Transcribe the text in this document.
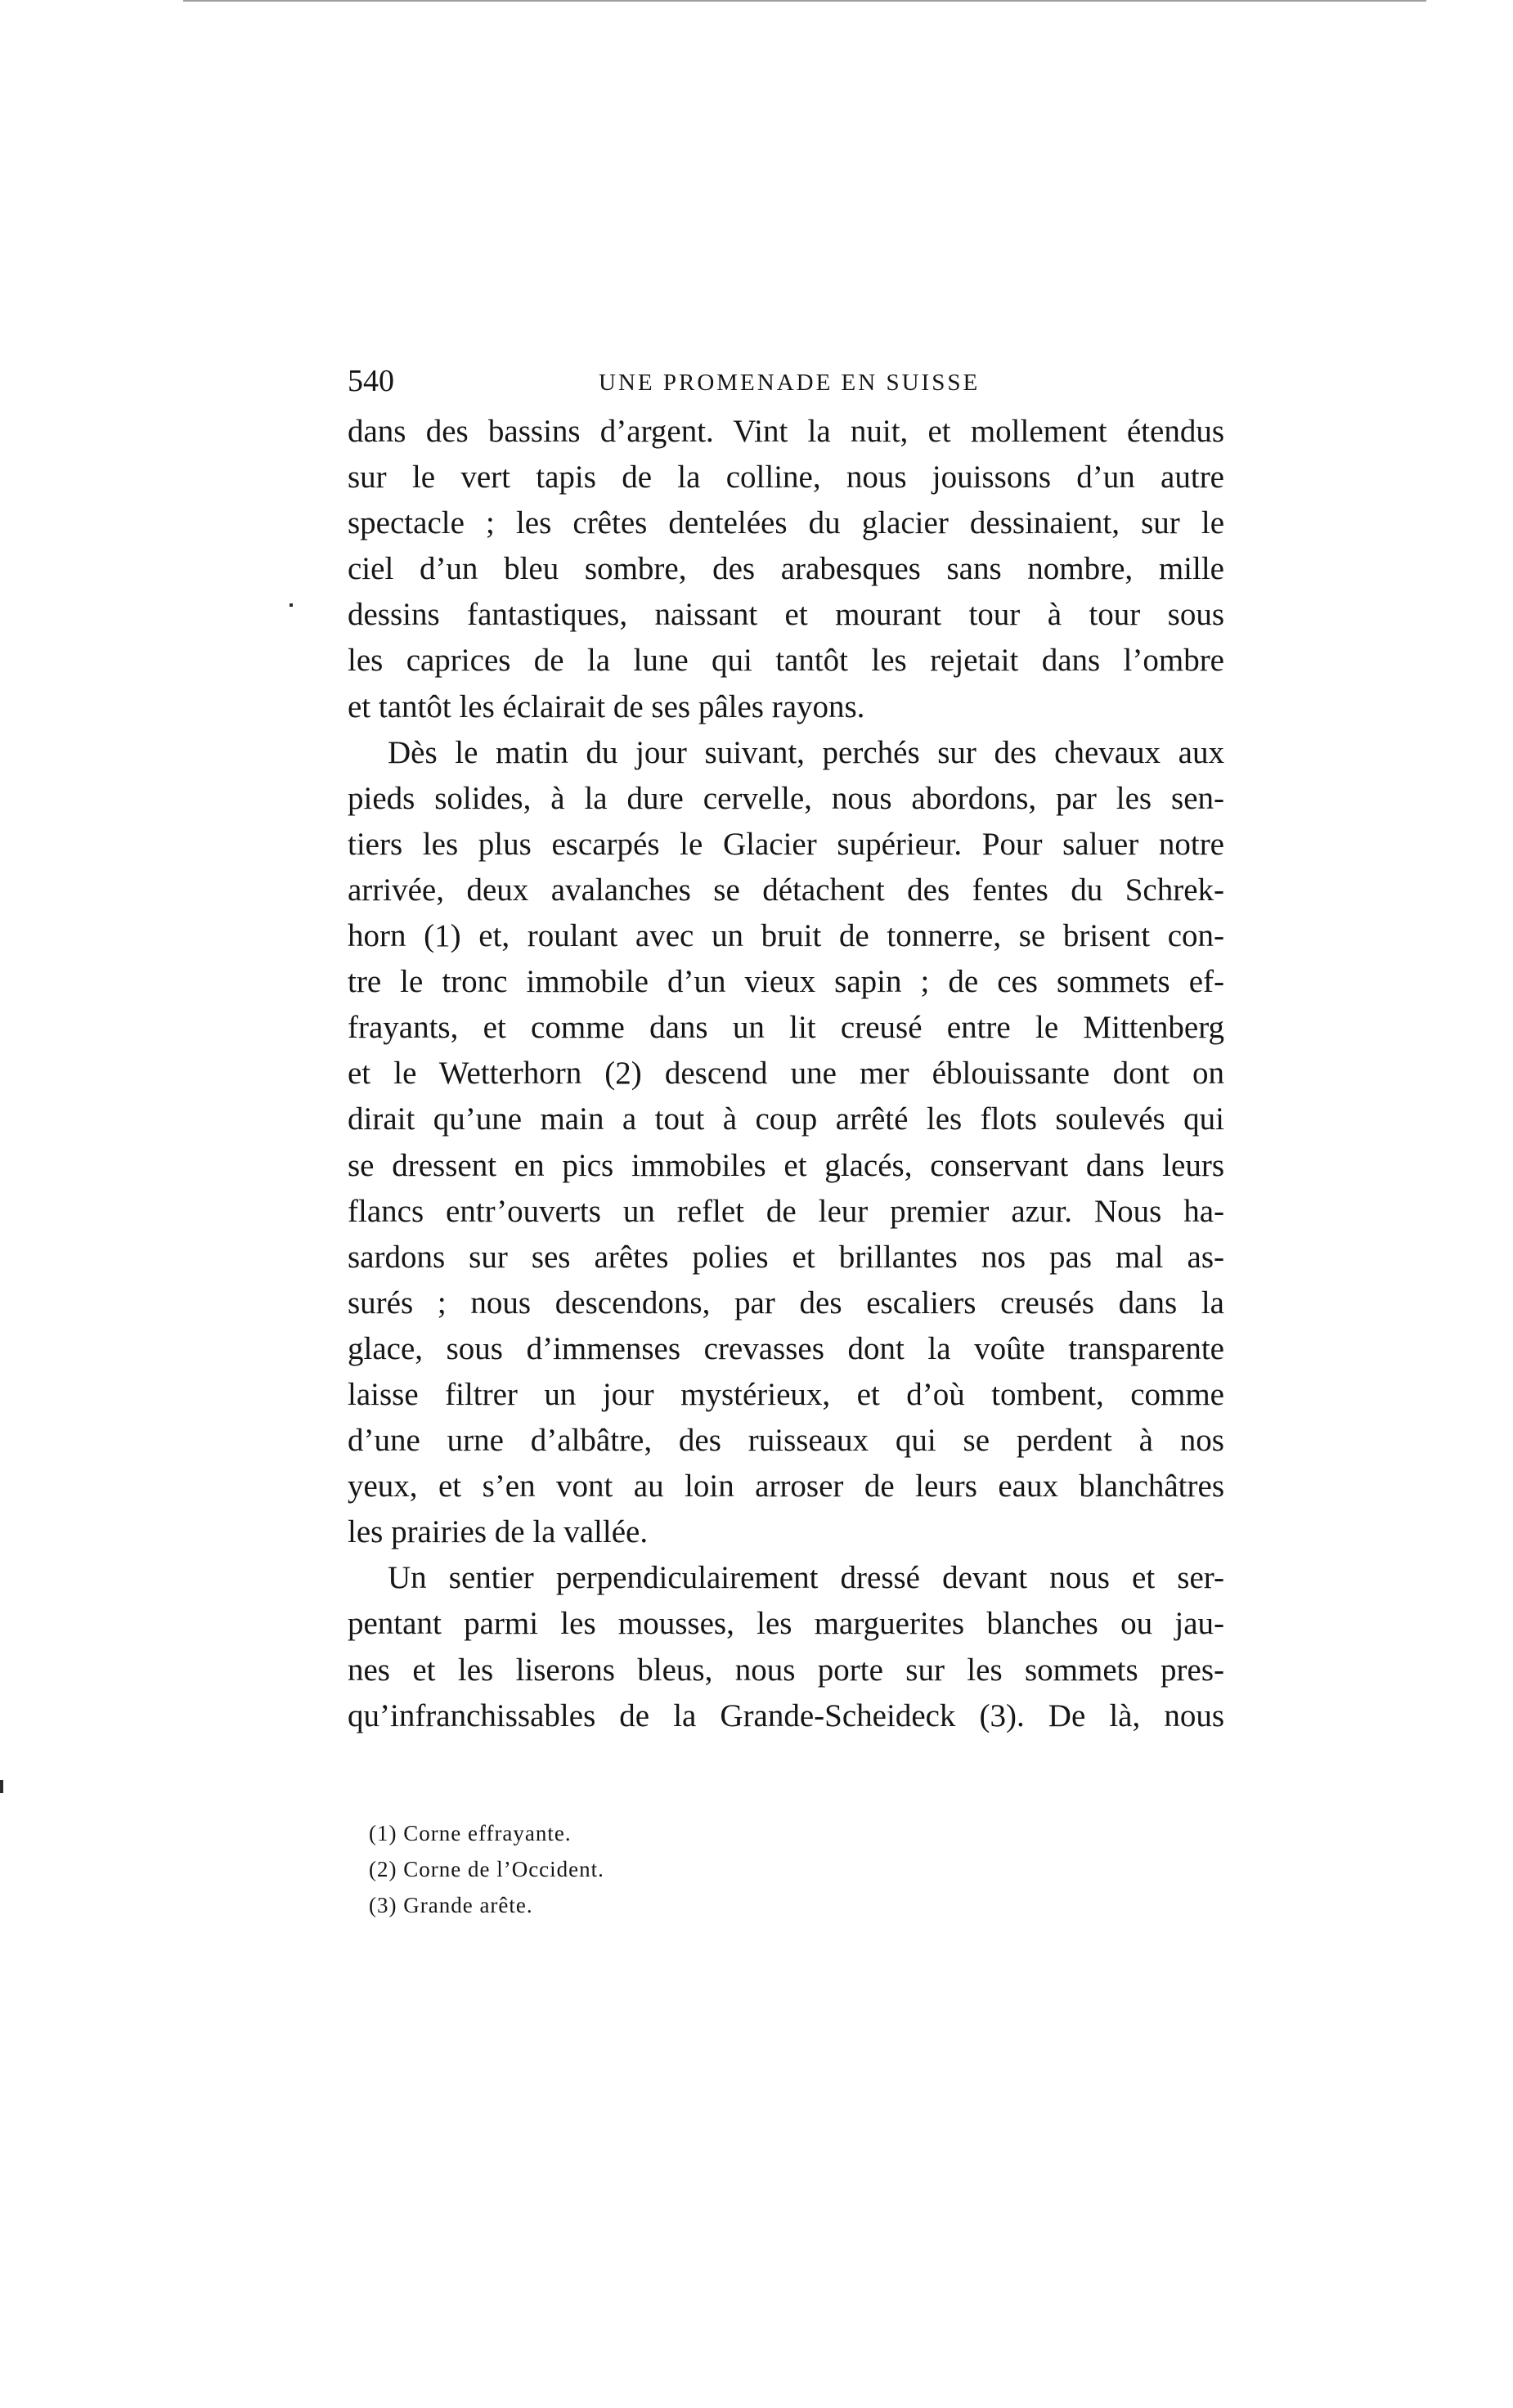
540	UNE PROMENADE EN SUISSE
dans des bassins d’argent. Vint la nuit, et mollement étendus
sur le vert tapis de la colline, nous jouissons d’un autre
spectacle ; les crêtes dentelées du glacier dessinaient, sur le
ciel d’un bleu sombre, des arabesques sans nombre, mille
dessins fantastiques, naissant et mourant tour à tour sous
les caprices de la lune qui tantôt les rejetait dans l’ombre
et tantôt les éclairait de ses pâles rayons.
Dès le matin du jour suivant, perchés sur des chevaux aux
pieds solides, à la dure cervelle, nous abordons, par les sen-
tiers les plus escarpés le Glacier supérieur. Pour saluer notre
arrivée, deux avalanches se détachent des fentes du Schrek-
horn (1) et, roulant avec un bruit de tonnerre, se brisent con-
tre le tronc immobile d’un vieux sapin ; de ces sommets ef-
frayants, et comme dans un lit creusé entre le Mittenberg
et le Wetterhorn (2) descend une mer éblouissante dont on
dirait qu’une main a tout à coup arrêté les flots soulevés qui
se dressent en pics immobiles et glacés, conservant dans leurs
flancs entr’ouverts un reflet de leur premier azur. Nous ha-
sardons sur ses arêtes polies et brillantes nos pas mal as-
surés ; nous descendons, par des escaliers creusés dans la
glace, sous d’immenses crevasses dont la voûte transparente
laisse filtrer un jour mystérieux, et d’où tombent, comme
d’une urne d’albâtre, des ruisseaux qui se perdent à nos
yeux, et s’en vont au loin arroser de leurs eaux blanchâtres
les prairies de la vallée.
Un sentier perpendiculairement dressé devant nous et ser-
pentant parmi les mousses, les marguerites blanches ou jau-
nes et les liserons bleus, nous porte sur les sommets pres-
qu’infranchissables de la Grande-Scheideck (3). De là, nous
(1) Corne effrayante.
(2) Corne de l’Occident.
(3) Grande arête.
